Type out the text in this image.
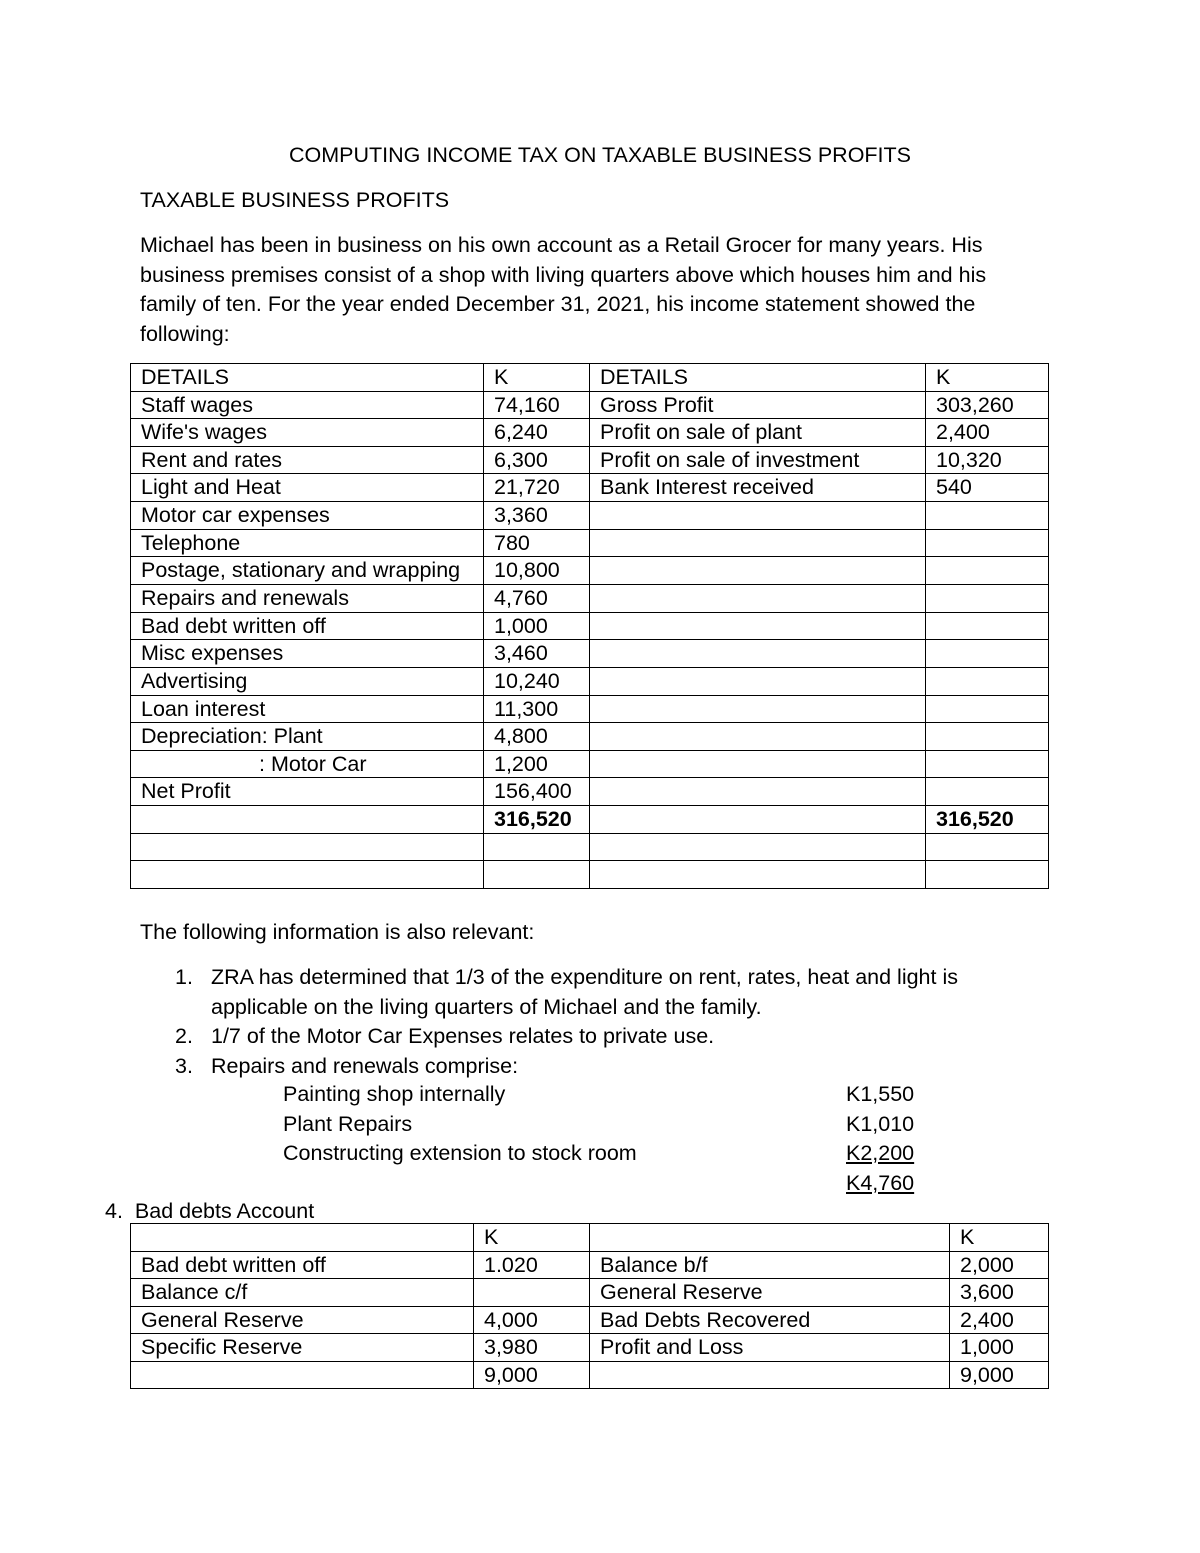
COMPUTING INCOME TAX ON TAXABLE BUSINESS PROFITS
TAXABLE BUSINESS PROFITS
Michael has been in business on his own account as a Retail Grocer for many years. His business premises consist of a shop with living quarters above which houses him and his family of ten. For the year ended December 31, 2021, his income statement showed the following:
DETAILS	K	DETAILS	K
Staff wages	74,160	Gross Profit	303,260
Wife's wages	6,240	Profit on sale of plant	2,400
Rent and rates	6,300	Profit on sale of investment	10,320
Light and Heat	21,720	Bank Interest received	540
Motor car expenses	3,360		
Telephone	780		
Postage, stationary and wrapping	10,800		
Repairs and renewals	4,760		
Bad debt written off	1,000		
Misc expenses	3,460		
Advertising	10,240		
Loan interest	11,300		
Depreciation: Plant	4,800		
: Motor Car	1,200		
Net Profit	156,400		
	316,520		316,520

The following information is also relevant:
1. ZRA has determined that 1/3 of the expenditure on rent, rates, heat and light is applicable on the living quarters of Michael and the family.
2. 1/7 of the Motor Car Expenses relates to private use.
3. Repairs and renewals comprise:
Painting shop internally	K1,550
Plant Repairs	K1,010
Constructing extension to stock room	K2,200
K4,760
4. Bad debts Account
	K		K
Bad debt written off	1.020	Balance b/f	2,000
Balance c/f		General Reserve	3,600
General Reserve	4,000	Bad Debts Recovered	2,400
Specific Reserve	3,980	Profit and Loss	1,000
	9,000		9,000
